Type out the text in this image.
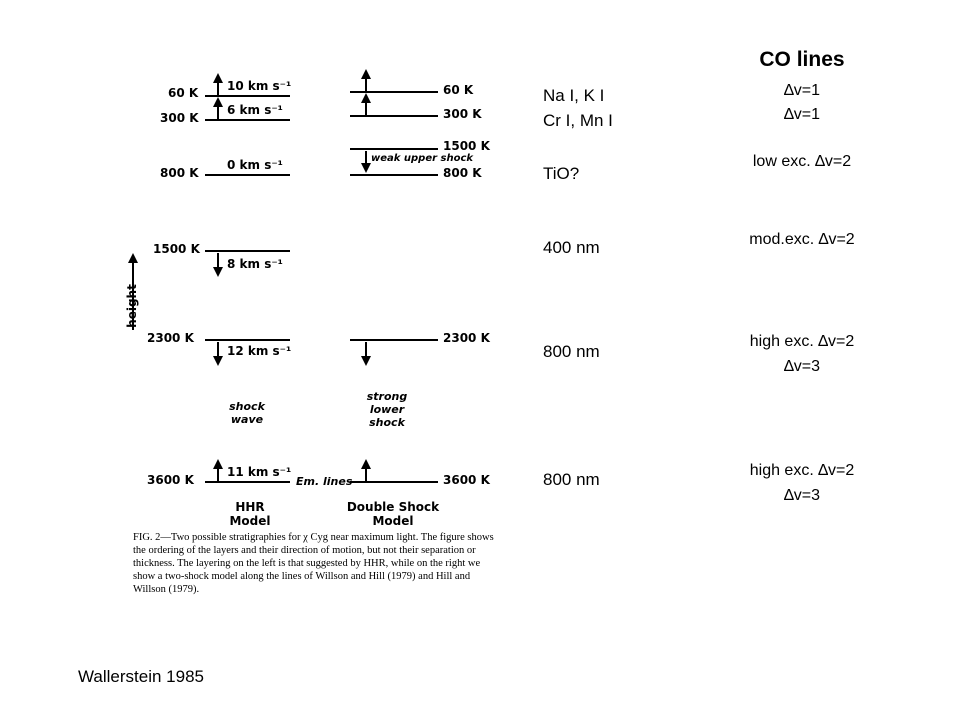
60 K 10 km s⁻¹
300 K
6 km s⁻¹
800 K
0 km s⁻¹
1500 K
8 km s⁻¹
2300 K
12 km s⁻¹
3600 K
11 km s⁻¹
height
shock
wave
Em. lines
HHR
Model
60 K
300 K
1500 K
800 K
2300 K
3600 K
weak upper shock
strong
lower
shock
Double Shock
Model
FIG. 2—Two possible stratigraphies for χ Cyg near maximum light. The figure shows the ordering of the layers and their direction of motion, but not their separation or thickness. The layering on the left is that suggested by HHR, while on the right we show a two-shock model along the lines of Willson and Hill (1979) and Hill and Willson (1979).
Na I, K I
Cr I, Mn I
TiO?
400 nm
800 nm
800 nm
CO lines
∆v=1
∆v=1
low exc. ∆v=2
mod.exc. ∆v=2
high exc. ∆v=2
∆v=3
high exc. ∆v=2
∆v=3
Wallerstein 1985
